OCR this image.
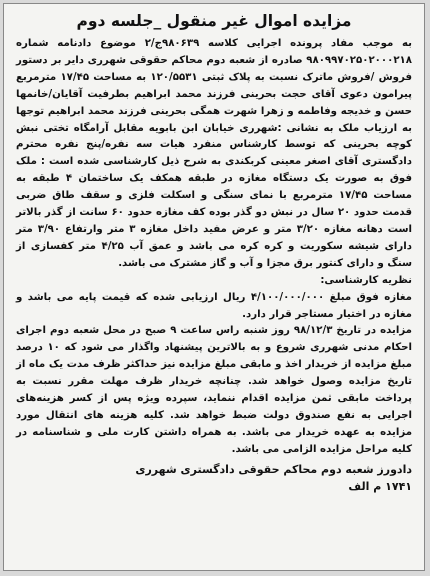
مزایده اموال غیر منقول _جلسه دوم

به موجب مفاد پرونده اجرایی کلاسه ۹۸۰۶۳۹ج/۲ موضوع دادنامه شماره ۹۸۰۹۹۷۰۲۵۰۲۰۰۰۲۱۸ صادره از شعبه دوم محاکم حقوقی شهرری دایر بر دستور فروش /فروش ماترک نسبت به پلاک ثبتی ۱۲۰/۵۵۳۱ به مساحت ۱۷/۴۵ مترمربع پیرامون دعوی آقای حجت بحرینی فرزند محمد ابراهیم بطرفیت آقایان/خانمها حسن و خدیجه وفاطمه و زهرا شهرت همگی بحرینی فرزند محمد ابراهیم توجها به ارزیاب ملک به نشانی :شهرری خیابان ابن بابویه مقابل آرامگاه تختی نبش کوچه بحرینی که توسط کارشناس منفرد هیات سه نفره/پنج نفره محترم دادگستری آقای اصغر معینی کربکندی به شرح ذیل کارشناسی شده است : ملک فوق به صورت یک دستگاه مغازه در طبقه همکف یک ساختمان ۴ طبقه به مساحت ۱۷/۴۵ مترمربع با نمای سنگی و اسکلت فلزی و سقف طاق ضربی قدمت حدود ۲۰ سال در نبش دو گذر بوده کف مغازه حدود ۶۰ سانت از گذر بالاتر است دهانه مغازه ۳/۲۰ متر و عرض مفید داخل مغازه ۳ متر وارتفاع ۳/۹۰ متر دارای شیشه سکوریت و کره کره می باشد و عمق آب ۴/۲۵ متر کفسازی از سنگ و دارای کنتور برق مجزا و آب و گاز مشترک می باشد.

نظریه کارشناسی:

مغازه فوق مبلغ ۴/۱۰۰/۰۰۰/۰۰۰ ریال ارزیابی شده که قیمت پایه می باشد و مغازه در اختیار مستاجر قرار دارد.

مزایده در تاریخ ۹۸/۱۲/۳ روز شنبه راس ساعت ۹ صبح در محل شعبه دوم اجرای احکام مدنی شهرری شروع و به بالاترین پیشنهاد واگذار می شود که ۱۰ درصد مبلغ مزایده از خریدار اخذ و مابقی مبلغ مزایده نیز حداکثر ظرف مدت یک ماه از تاریخ مزایده وصول خواهد شد. چنانچه خریدار ظرف مهلت مقرر نسبت به پرداخت مابقی ثمن مزایده اقدام ننماید، سپرده ویژه پس از کسر هزینه‌های اجرایی به نفع صندوق دولت ضبط خواهد شد. کلیه هزینه های انتقال مورد مزایده به عهده خریدار می باشد. به همراه داشتن کارت ملی و شناسنامه در کلیه مراحل مزایده الزامی می باشد.

دادورز شعبه دوم محاکم حقوقی دادگستری شهرری
۱۷۴۱ م الف
